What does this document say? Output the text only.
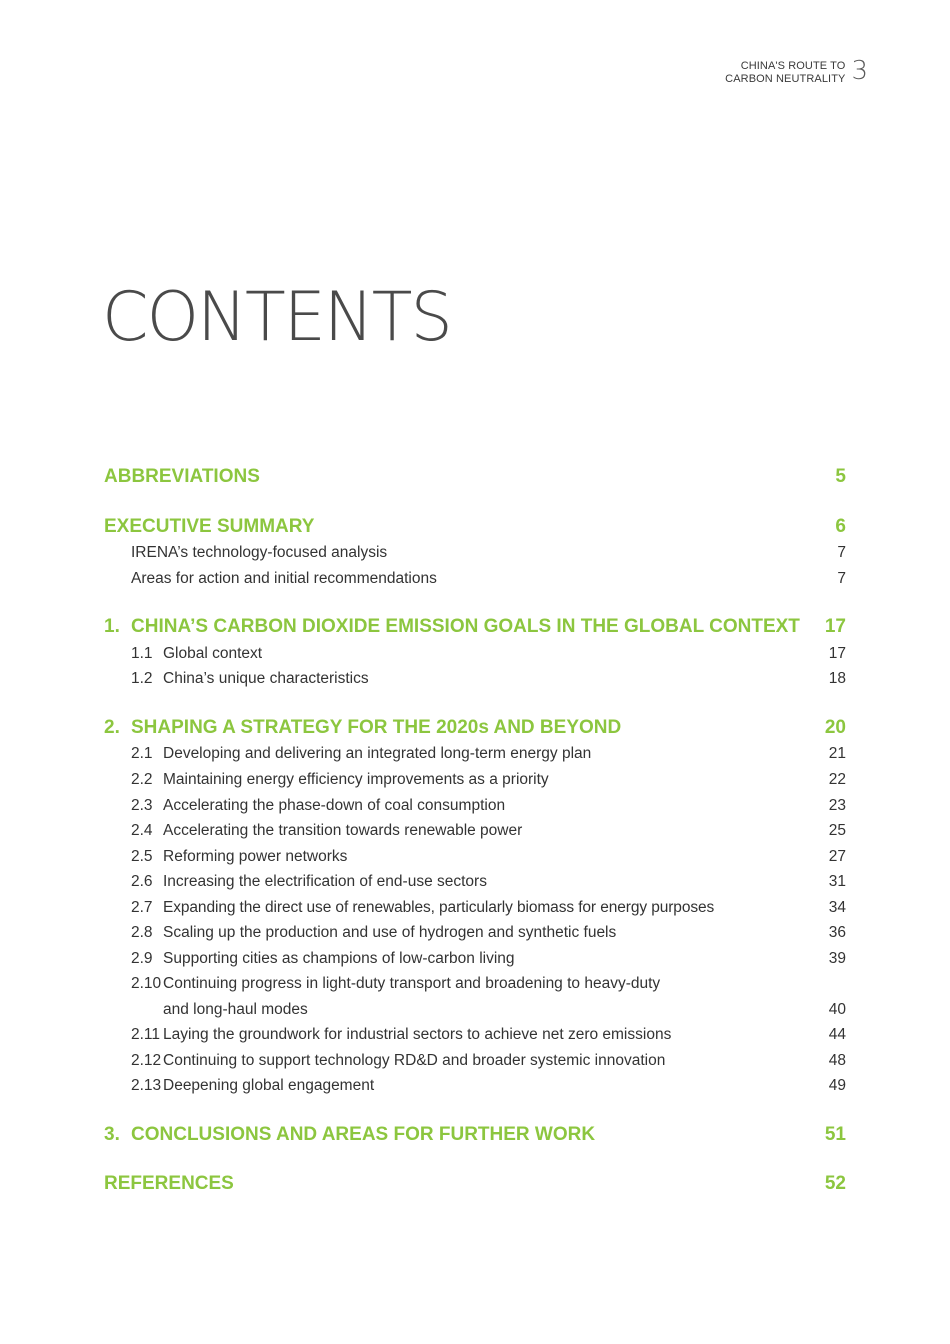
CHINA'S ROUTE TO
CARBON NEUTRALITY 3
CONTENTS
ABBREVIATIONS	5
EXECUTIVE SUMMARY	6
IRENA’s technology-focused analysis	7
Areas for action and initial recommendations	7
1. CHINA’S CARBON DIOXIDE EMISSION GOALS IN THE GLOBAL CONTEXT	17
1.1 Global context	17
1.2 China’s unique characteristics	18
2. SHAPING A STRATEGY FOR THE 2020s AND BEYOND	20
2.1 Developing and delivering an integrated long-term energy plan	21
2.2 Maintaining energy efficiency improvements as a priority	22
2.3 Accelerating the phase-down of coal consumption	23
2.4 Accelerating the transition towards renewable power	25
2.5 Reforming power networks	27
2.6 Increasing the electrification of end-use sectors	31
2.7 Expanding the direct use of renewables, particularly biomass for energy purposes	34
2.8 Scaling up the production and use of hydrogen and synthetic fuels	36
2.9 Supporting cities as champions of low-carbon living	39
2.10 Continuing progress in light-duty transport and broadening to heavy-duty
and long-haul modes	40
2.11 Laying the groundwork for industrial sectors to achieve net zero emissions	44
2.12 Continuing to support technology RD&D and broader systemic innovation	48
2.13 Deepening global engagement	49
3. CONCLUSIONS AND AREAS FOR FURTHER WORK	51
REFERENCES	52
